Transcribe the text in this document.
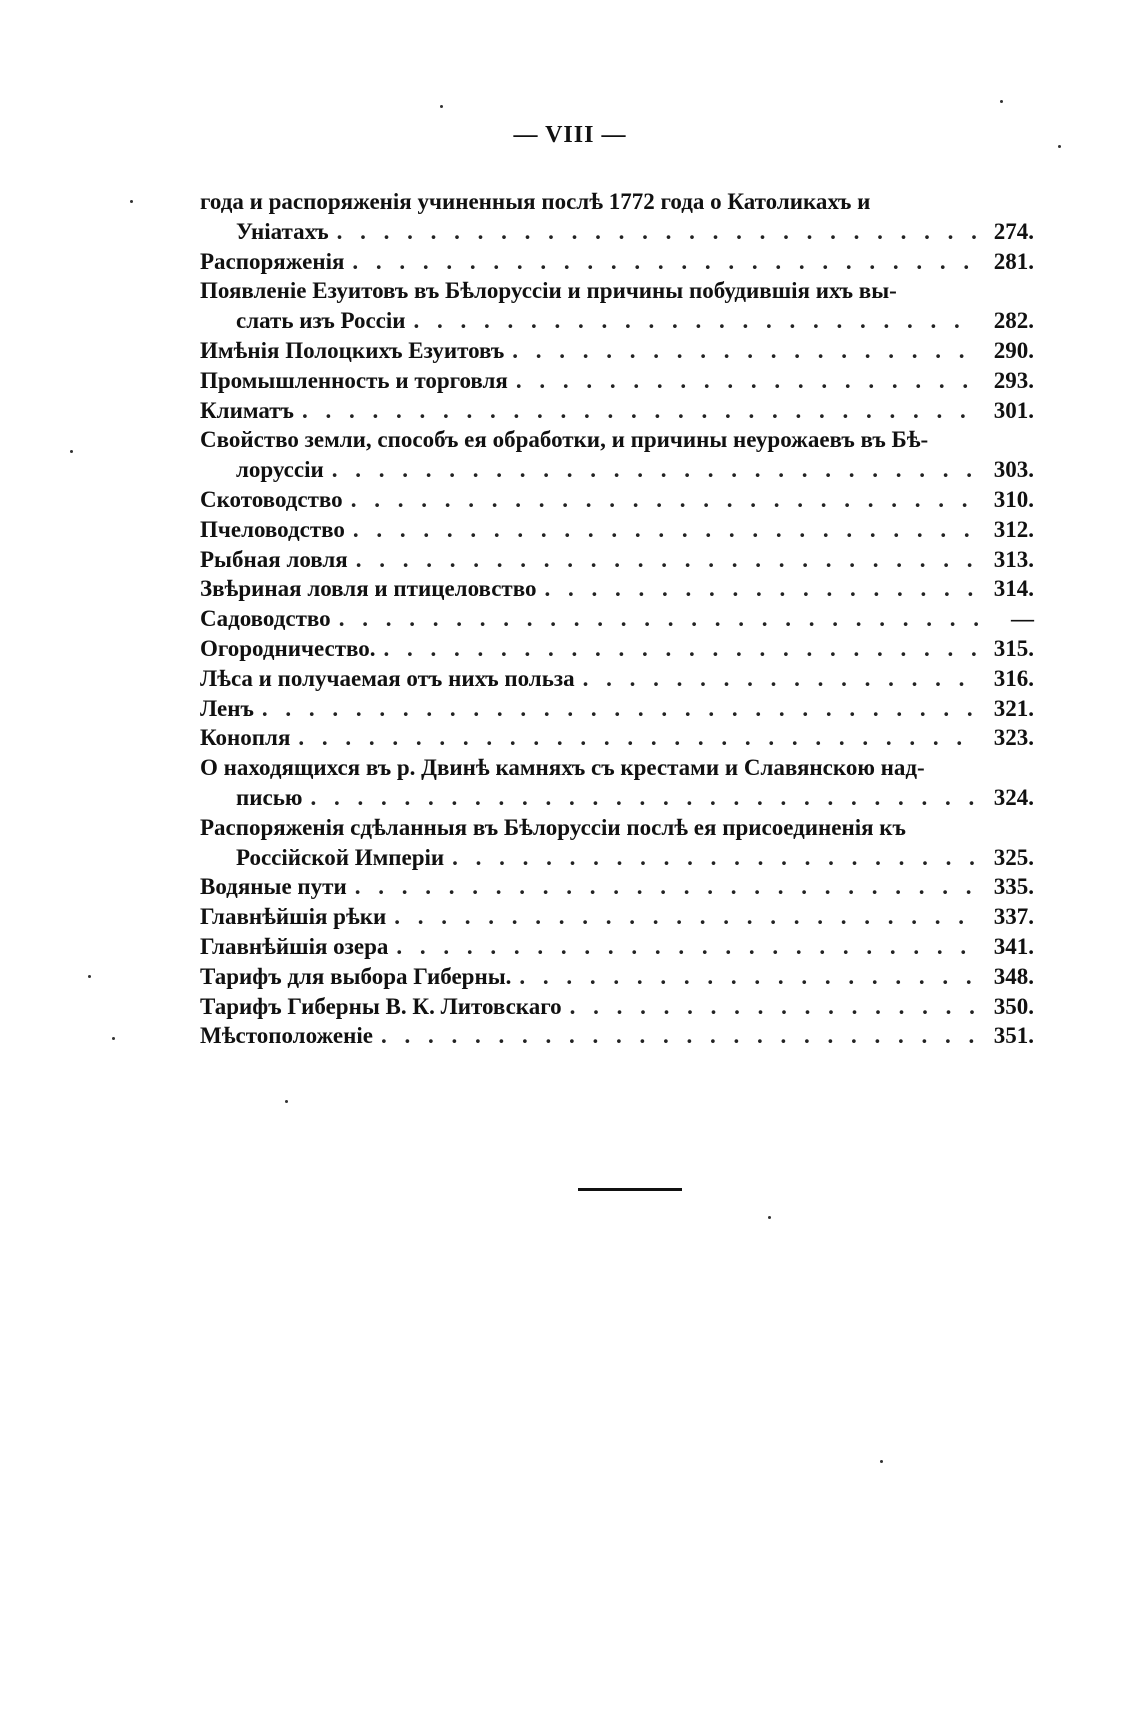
— VIII —
года и распоряженія учиненныя послѣ 1772 года о Католикахъ и
Уніатахъ . . .	274.
Распоряженія . . .	281.
Появленіе Езуитовъ въ Бѣлоруссіи и причины побудившія ихъ вы-
слать изъ Россіи . . .	282.
Имѣнія Полоцкихъ Езуитовъ . . .	290.
Промышленность и торговля . . .	293.
Климатъ . . .	301.
Свойство земли, способъ ея обработки, и причины неурожаевъ въ Бѣ-
лоруссіи . . .	303.
Скотоводство . . .	310.
Пчеловодство . . .	312.
Рыбная ловля . . .	313.
Звѣриная ловля и птицеловство . . .	314.
Садоводство . . .	—
Огородничество. . . .	315.
Лѣса и получаемая отъ нихъ польза . . .	316.
Ленъ . . .	321.
Конопля . . .	323.
О находящихся въ р. Двинѣ камняхъ съ крестами и Славянскою над-
писью . . .	324.
Распоряженія сдѣланныя въ Бѣлоруссіи послѣ ея присоединенія къ
Россійской Имперіи . . .	325.
Водяные пути . . .	335.
Главнѣйшія рѣки . . .	337.
Главнѣйшія озера . . .	341.
Тарифъ для выбора Гиберны. . . .	348.
Тарифъ Гиберны В. К. Литовскаго . . .	350.
Мѣстоположеніе . . .	351.
